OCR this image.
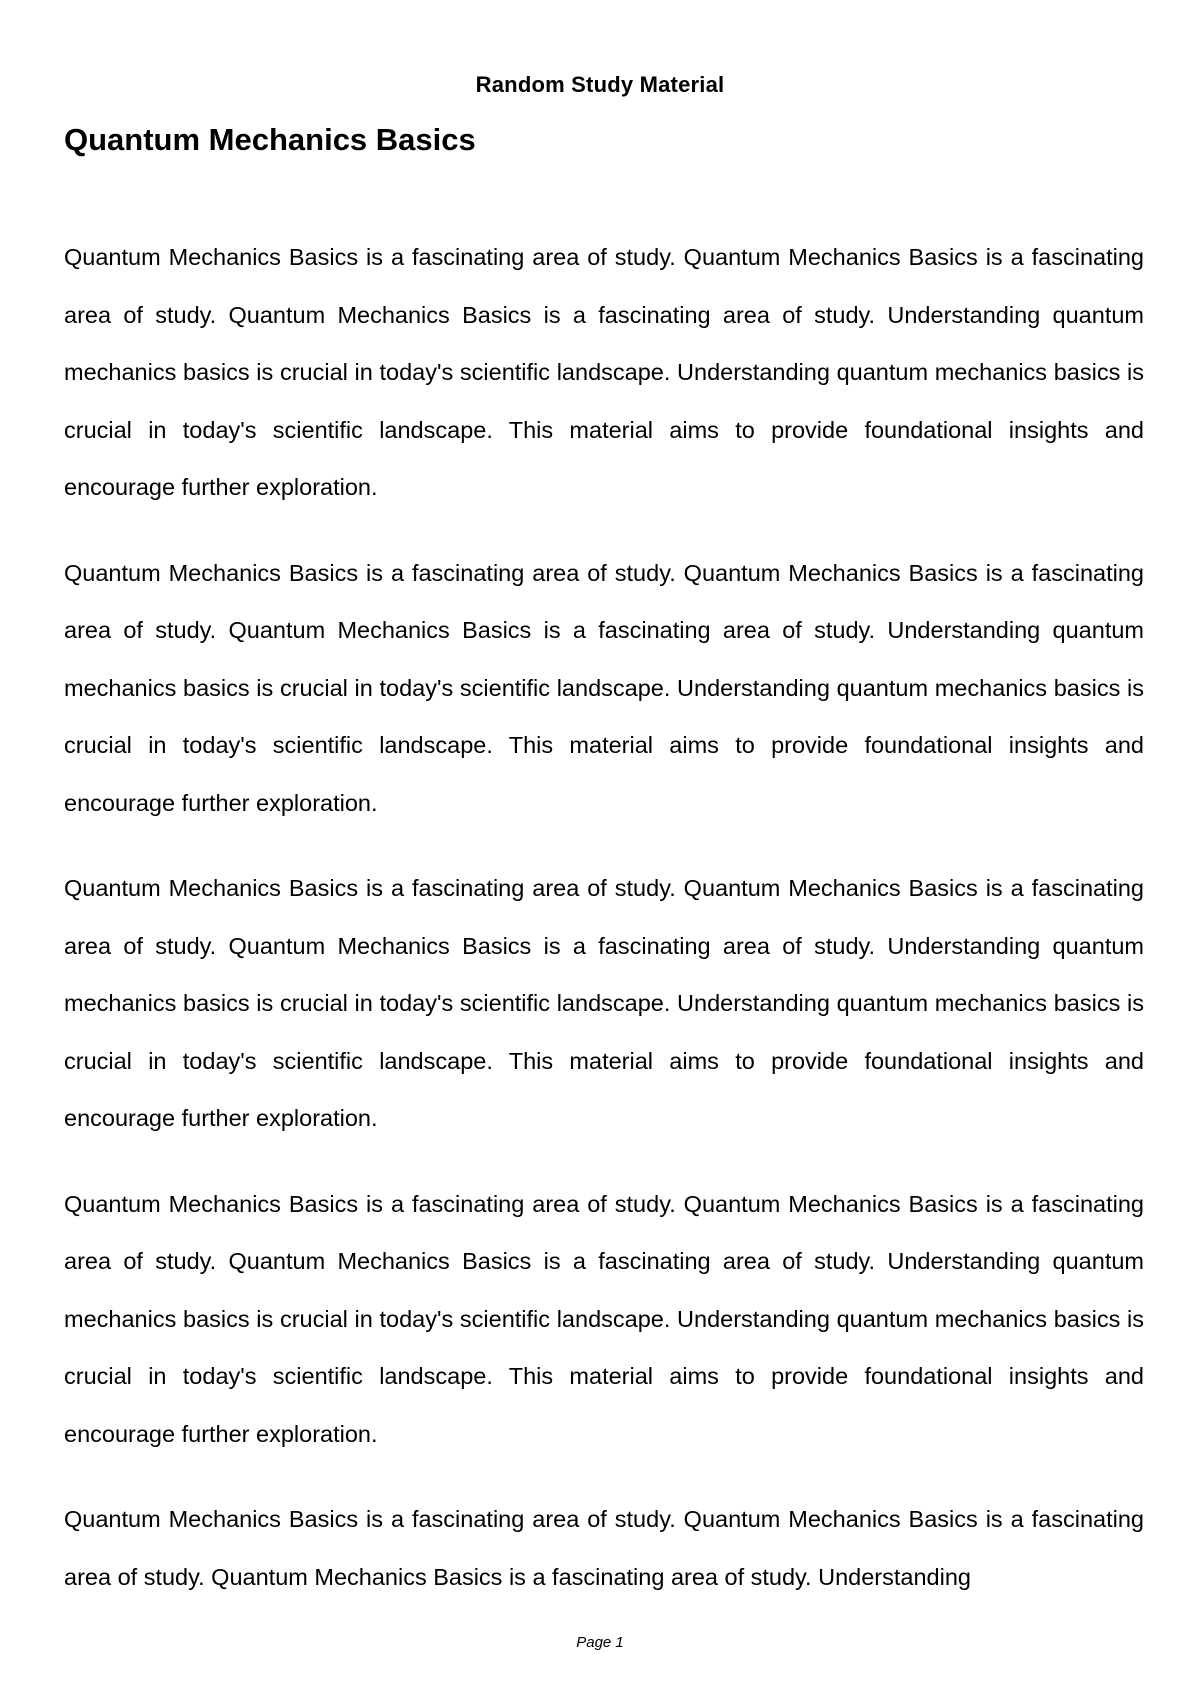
Random Study Material
Quantum Mechanics Basics

Quantum Mechanics Basics is a fascinating area of study. Quantum Mechanics Basics is a fascinating area of study. Quantum Mechanics Basics is a fascinating area of study. Understanding quantum mechanics basics is crucial in today's scientific landscape. Understanding quantum mechanics basics is crucial in today's scientific landscape. This material aims to provide foundational insights and encourage further exploration.

Quantum Mechanics Basics is a fascinating area of study. Quantum Mechanics Basics is a fascinating area of study. Quantum Mechanics Basics is a fascinating area of study. Understanding quantum mechanics basics is crucial in today's scientific landscape. Understanding quantum mechanics basics is crucial in today's scientific landscape. This material aims to provide foundational insights and encourage further exploration.

Quantum Mechanics Basics is a fascinating area of study. Quantum Mechanics Basics is a fascinating area of study. Quantum Mechanics Basics is a fascinating area of study. Understanding quantum mechanics basics is crucial in today's scientific landscape. Understanding quantum mechanics basics is crucial in today's scientific landscape. This material aims to provide foundational insights and encourage further exploration.

Quantum Mechanics Basics is a fascinating area of study. Quantum Mechanics Basics is a fascinating area of study. Quantum Mechanics Basics is a fascinating area of study. Understanding quantum mechanics basics is crucial in today's scientific landscape. Understanding quantum mechanics basics is crucial in today's scientific landscape. This material aims to provide foundational insights and encourage further exploration.

Quantum Mechanics Basics is a fascinating area of study. Quantum Mechanics Basics is a fascinating area of study. Quantum Mechanics Basics is a fascinating area of study. Understanding

Page 1
